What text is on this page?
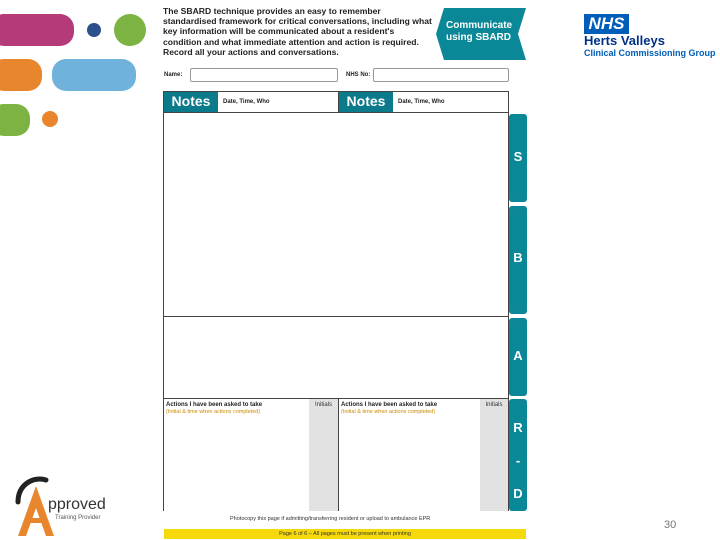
The SBARD technique provides an easy to remember standardised framework for critical conversations, including what key information will be communicated about a resident's condition and what immediate attention and action is required. Record all your actions and conversations.
Communicate
using SBARD
NHS
Herts Valleys
Clinical Commissioning Group
Name:	NHS No:
Notes	Date, Time, Who	Notes	Date, Time, Who
Actions I have been asked to take
(Initial & time when actions completed)
Initials	Actions I have been asked to take
(Initial & time when actions completed)
Initials
S
B
A
R
-
D
Photocopy this page if admitting/transferring resident or upload to ambulance EPR
Page 6 of 6 – All pages must be present when printing
pproved
Training Provider
30
